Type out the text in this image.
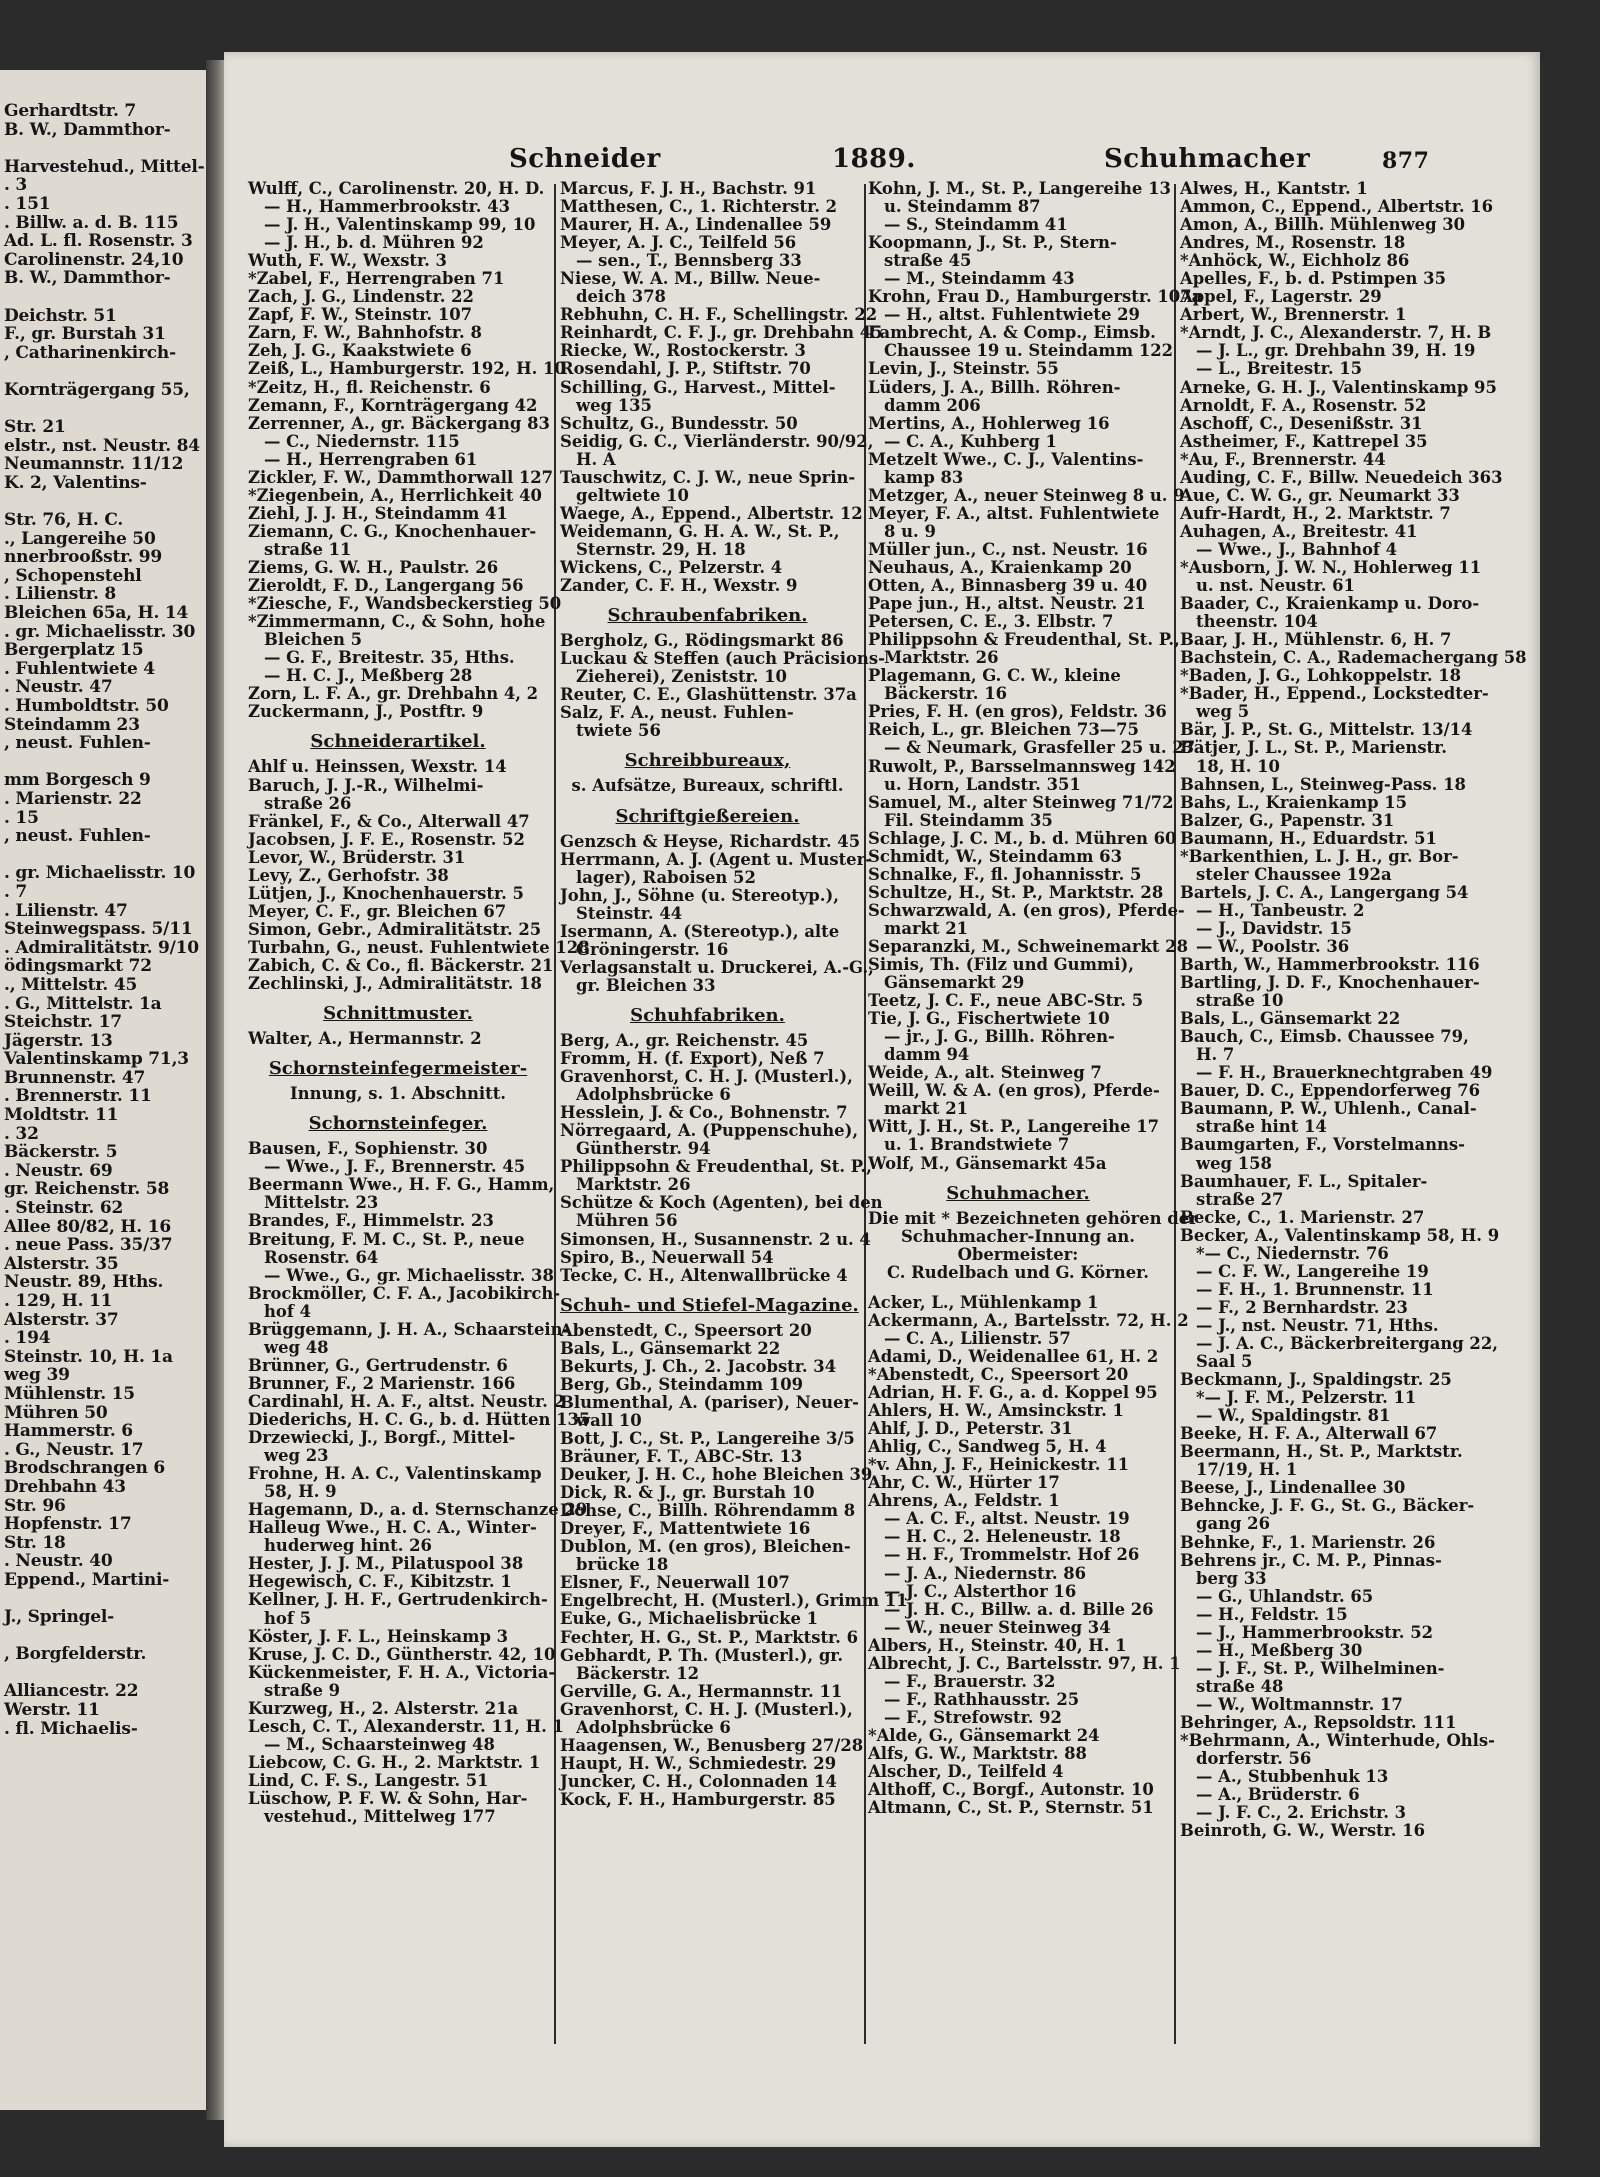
Gerhardtstr. 7
B. W., Dammthor-

Harvestehud., Mittel-
. 3
. 151
. Billw. a. d. B. 115
Ad. L. fl. Rosenstr. 3
Carolinenstr. 24,10
B. W., Dammthor-

Deichstr. 51
F., gr. Burstah 31
, Catharinenkirch-

Kornträgergang 55,

Str. 21
elstr., nst. Neustr. 84
Neumannstr. 11/12
K. 2, Valentins-

Str. 76, H. C.
., Langereihe 50
nnerbrooßstr. 99
, Schopenstehl
. Lilienstr. 8
Bleichen 65a, H. 14
. gr. Michaelisstr. 30
Bergerplatz 15
. Fuhlentwiete 4
. Neustr. 47
. Humboldtstr. 50
Steindamm 23
, neust. Fuhlen-

mm Borgesch 9
. Marienstr. 22
. 15
, neust. Fuhlen-

. gr. Michaelisstr. 10
. 7
. Lilienstr. 47
Steinwegspass. 5/11
. Admiralitätstr. 9/10
ödingsmarkt 72
., Mittelstr. 45
. G., Mittelstr. 1a
Steichstr. 17
Jägerstr. 13
Valentinskamp 71,3
Brunnenstr. 47
. Brennerstr. 11
Moldtstr. 11
. 32
Bäckerstr. 5
. Neustr. 69
gr. Reichenstr. 58
. Steinstr. 62
Allee 80/82, H. 16
. neue Pass. 35/37
Alsterstr. 35
Neustr. 89, Hths.
. 129, H. 11
Alsterstr. 37
. 194
Steinstr. 10, H. 1a
weg 39
Mühlenstr. 15
Mühren 50
Hammerstr. 6
. G., Neustr. 17
Brodschrangen 6
Drehbahn 43
Str. 96
Hopfenstr. 17
Str. 18
. Neustr. 40
Eppend., Martini-

J., Springel-

, Borgfelderstr.

Alliancestr. 22
Werstr. 11
. fl. Michaelis-
Schneider	1889.	Schuhmacher	877
Wulff, C., Carolinenstr. 20, H. D.
— H., Hammerbrookstr. 43
— J. H., Valentinskamp 99, 10
— J. H., b. d. Mühren 92
Wuth, F. W., Wexstr. 3
*Zabel, F., Herrengraben 71
Zach, J. G., Lindenstr. 22
Zapf, F. W., Steinstr. 107
Zarn, F. W., Bahnhofstr. 8
Zeh, J. G., Kaakstwiete 6
Zeiß, L., Hamburgerstr. 192, H. 10
*Zeitz, H., fl. Reichenstr. 6
Zemann, F., Kornträgergang 42
Zerrenner, A., gr. Bäckergang 83
— C., Niedernstr. 115
— H., Herrengraben 61
Zickler, F. W., Dammthorwall 127
*Ziegenbein, A., Herrlichkeit 40
Ziehl, J. J. H., Steindamm 41
Ziemann, C. G., Knochenhauer-
straße 11
Ziems, G. W. H., Paulstr. 26
Zieroldt, F. D., Langergang 56
*Ziesche, F., Wandsbeckerstieg 50
*Zimmermann, C., & Sohn, hohe
Bleichen 5
— G. F., Breitestr. 35, Hths.
— H. C. J., Meßberg 28
Zorn, L. F. A., gr. Drehbahn 4, 2
Zuckermann, J., Postftr. 9
Schneiderartikel.
Ahlf u. Heinssen, Wexstr. 14
Baruch, J. J.-R., Wilhelmi-
straße 26
Fränkel, F., & Co., Alterwall 47
Jacobsen, J. F. E., Rosenstr. 52
Levor, W., Brüderstr. 31
Levy, Z., Gerhofstr. 38
Lütjen, J., Knochenhauerstr. 5
Meyer, C. F., gr. Bleichen 67
Simon, Gebr., Admiralitätstr. 25
Turbahn, G., neust. Fuhlentwiete 128
Zabich, C. & Co., fl. Bäckerstr. 21
Zechlinski, J., Admiralitätstr. 18
Schnittmuster.
Walter, A., Hermannstr. 2
Schornsteinfegermeister-
Innung, s. 1. Abschnitt.
Schornsteinfeger.
Bausen, F., Sophienstr. 30
— Wwe., J. F., Brennerstr. 45
Beermann Wwe., H. F. G., Hamm,
Mittelstr. 23
Brandes, F., Himmelstr. 23
Breitung, F. M. C., St. P., neue
Rosenstr. 64
— Wwe., G., gr. Michaelisstr. 38
Brockmöller, C. F. A., Jacobikirch-
hof 4
Brüggemann, J. H. A., Schaarstein-
weg 48
Brünner, G., Gertrudenstr. 6
Brunner, F., 2 Marienstr. 166
Cardinahl, H. A. F., altst. Neustr. 2
Diederichs, H. C. G., b. d. Hütten 135
Drzewiecki, J., Borgf., Mittel-
weg 23
Frohne, H. A. C., Valentinskamp
58, H. 9
Hagemann, D., a. d. Sternschanze 29
Halleug Wwe., H. C. A., Winter-
huderweg hint. 26
Hester, J. J. M., Pilatuspool 38
Hegewisch, C. F., Kibitzstr. 1
Kellner, J. H. F., Gertrudenkirch-
hof 5
Köster, J. F. L., Heinskamp 3
Kruse, J. C. D., Güntherstr. 42, 10
Kückenmeister, F. H. A., Victoria-
straße 9
Kurzweg, H., 2. Alsterstr. 21a
Lesch, C. T., Alexanderstr. 11, H. 1
— M., Schaarsteinweg 48
Liebcow, C. G. H., 2. Marktstr. 1
Lind, C. F. S., Langestr. 51
Lüschow, P. F. W. & Sohn, Har-
vestehud., Mittelweg 177
Marcus, F. J. H., Bachstr. 91
Matthesen, C., 1. Richterstr. 2
Maurer, H. A., Lindenallee 59
Meyer, A. J. C., Teilfeld 56
— sen., T., Bennsberg 33
Niese, W. A. M., Billw. Neue-
deich 378
Rebhuhn, C. H. F., Schellingstr. 22
Reinhardt, C. F. J., gr. Drehbahn 45
Riecke, W., Rostockerstr. 3
Rosendahl, J. P., Stiftstr. 70
Schilling, G., Harvest., Mittel-
weg 135
Schultz, G., Bundesstr. 50
Seidig, G. C., Vierländerstr. 90/92,
H. A
Tauschwitz, C. J. W., neue Sprin-
geltwiete 10
Waege, A., Eppend., Albertstr. 12
Weidemann, G. H. A. W., St. P.,
Sternstr. 29, H. 18
Wickens, C., Pelzerstr. 4
Zander, C. F. H., Wexstr. 9
Schraubenfabriken.
Bergholz, G., Rödingsmarkt 86
Luckau & Steffen (auch Präcisions-
Zieherei), Zeniststr. 10
Reuter, C. E., Glashüttenstr. 37a
Salz, F. A., neust. Fuhlen-
twiete 56
Schreibbureaux,
s. Aufsätze, Bureaux, schriftl.
Schriftgießereien.
Genzsch & Heyse, Richardstr. 45
Herrmann, A. J. (Agent u. Muster-
lager), Raboisen 52
John, J., Söhne (u. Stereotyp.),
Steinstr. 44
Isermann, A. (Stereotyp.), alte
Gröningerstr. 16
Verlagsanstalt u. Druckerei, A.-G.,
gr. Bleichen 33
Schuhfabriken.
Berg, A., gr. Reichenstr. 45
Fromm, H. (f. Export), Neß 7
Gravenhorst, C. H. J. (Musterl.),
Adolphsbrücke 6
Hesslein, J. & Co., Bohnenstr. 7
Nörregaard, A. (Puppenschuhe),
Güntherstr. 94
Philippsohn & Freudenthal, St. P.,
Marktstr. 26
Schütze & Koch (Agenten), bei den
Mühren 56
Simonsen, H., Susannenstr. 2 u. 4
Spiro, B., Neuerwall 54
Tecke, C. H., Altenwallbrücke 4
Schuh- und Stiefel-Magazine.
Abenstedt, C., Speersort 20
Bals, L., Gänsemarkt 22
Bekurts, J. Ch., 2. Jacobstr. 34
Berg, Gb., Steindamm 109
Blumenthal, A. (pariser), Neuer-
wall 10
Bott, J. C., St. P., Langereihe 3/5
Bräuner, F. T., ABC-Str. 13
Deuker, J. H. C., hohe Bleichen 39
Dick, R. & J., gr. Burstah 10
Dohse, C., Billh. Röhrendamm 8
Dreyer, F., Mattentwiete 16
Dublon, M. (en gros), Bleichen-
brücke 18
Elsner, F., Neuerwall 107
Engelbrecht, H. (Musterl.), Grimm 11
Euke, G., Michaelisbrücke 1
Fechter, H. G., St. P., Marktstr. 6
Gebhardt, P. Th. (Musterl.), gr.
Bäckerstr. 12
Gerville, G. A., Hermannstr. 11
Gravenhorst, C. H. J. (Musterl.),
Adolphsbrücke 6
Haagensen, W., Benusberg 27/28
Haupt, H. W., Schmiedestr. 29
Juncker, C. H., Colonnaden 14
Kock, F. H., Hamburgerstr. 85
Kohn, J. M., St. P., Langereihe 13
u. Steindamm 87
— S., Steindamm 41
Koopmann, J., St. P., Stern-
straße 45
— M., Steindamm 43
Krohn, Frau D., Hamburgerstr. 107a
— H., altst. Fuhlentwiete 29
Lambrecht, A. & Comp., Eimsb.
Chaussee 19 u. Steindamm 122
Levin, J., Steinstr. 55
Lüders, J. A., Billh. Röhren-
damm 206
Mertins, A., Hohlerweg 16
— C. A., Kuhberg 1
Metzelt Wwe., C. J., Valentins-
kamp 83
Metzger, A., neuer Steinweg 8 u. 9
Meyer, F. A., altst. Fuhlentwiete
8 u. 9
Müller jun., C., nst. Neustr. 16
Neuhaus, A., Kraienkamp 20
Otten, A., Binnasberg 39 u. 40
Pape jun., H., altst. Neustr. 21
Petersen, C. E., 3. Elbstr. 7
Philippsohn & Freudenthal, St. P.,
Marktstr. 26
Plagemann, G. C. W., kleine
Bäckerstr. 16
Pries, F. H. (en gros), Feldstr. 36
Reich, L., gr. Bleichen 73—75
— & Neumark, Grasfeller 25 u. 27
Ruwolt, P., Barsselmannsweg 142
u. Horn, Landstr. 351
Samuel, M., alter Steinweg 71/72
Fil. Steindamm 35
Schlage, J. C. M., b. d. Mühren 60
Schmidt, W., Steindamm 63
Schnalke, F., fl. Johannisstr. 5
Schultze, H., St. P., Marktstr. 28
Schwarzwald, A. (en gros), Pferde-
markt 21
Separanzki, M., Schweinemarkt 28
Simis, Th. (Filz und Gummi),
Gänsemarkt 29
Teetz, J. C. F., neue ABC-Str. 5
Tie, J. G., Fischertwiete 10
— jr., J. G., Billh. Röhren-
damm 94
Weide, A., alt. Steinweg 7
Weill, W. & A. (en gros), Pferde-
markt 21
Witt, J. H., St. P., Langereihe 17
u. 1. Brandstwiete 7
Wolf, M., Gänsemarkt 45a
Schuhmacher.
Die mit * Bezeichneten gehören der
Schuhmacher-Innung an.
Obermeister:
C. Rudelbach und G. Körner.
Acker, L., Mühlenkamp 1
Ackermann, A., Bartelsstr. 72, H. 2
— C. A., Lilienstr. 57
Adami, D., Weidenallee 61, H. 2
*Abenstedt, C., Speersort 20
Adrian, H. F. G., a. d. Koppel 95
Ahlers, H. W., Amsinckstr. 1
Ahlf, J. D., Peterstr. 31
Ahlig, C., Sandweg 5, H. 4
*v. Ahn, J. F., Heinickestr. 11
Ahr, C. W., Hürter 17
Ahrens, A., Feldstr. 1
— A. C. F., altst. Neustr. 19
— H. C., 2. Heleneustr. 18
— H. F., Trommelstr. Hof 26
— J. A., Niedernstr. 86
— J. C., Alsterthor 16
— J. H. C., Billw. a. d. Bille 26
— W., neuer Steinweg 34
Albers, H., Steinstr. 40, H. 1
Albrecht, J. C., Bartelsstr. 97, H. 1
— F., Brauerstr. 32
— F., Rathhausstr. 25
— F., Strefowstr. 92
*Alde, G., Gänsemarkt 24
Alfs, G. W., Marktstr. 88
Alscher, D., Teilfeld 4
Althoff, C., Borgf., Autonstr. 10
Altmann, C., St. P., Sternstr. 51
Alwes, H., Kantstr. 1
Ammon, C., Eppend., Albertstr. 16
Amon, A., Billh. Mühlenweg 30
Andres, M., Rosenstr. 18
*Anhöck, W., Eichholz 86
Apelles, F., b. d. Pstimpen 35
Appel, F., Lagerstr. 29
Arbert, W., Brennerstr. 1
*Arndt, J. C., Alexanderstr. 7, H. B
— J. L., gr. Drehbahn 39, H. 19
— L., Breitestr. 15
Arneke, G. H. J., Valentinskamp 95
Arnoldt, F. A., Rosenstr. 52
Aschoff, C., Desenißstr. 31
Astheimer, F., Kattrepel 35
*Au, F., Brennerstr. 44
Auding, C. F., Billw. Neuedeich 363
Aue, C. W. G., gr. Neumarkt 33
Aufr-Hardt, H., 2. Marktstr. 7
Auhagen, A., Breitestr. 41
— Wwe., J., Bahnhof 4
*Ausborn, J. W. N., Hohlerweg 11
u. nst. Neustr. 61
Baader, C., Kraienkamp u. Doro-
theenstr. 104
Baar, J. H., Mühlenstr. 6, H. 7
Bachstein, C. A., Rademachergang 58
*Baden, J. G., Lohkoppelstr. 18
*Bader, H., Eppend., Lockstedter-
weg 5
Bär, J. P., St. G., Mittelstr. 13/14
Bätjer, J. L., St. P., Marienstr.
18, H. 10
Bahnsen, L., Steinweg-Pass. 18
Bahs, L., Kraienkamp 15
Balzer, G., Papenstr. 31
Baumann, H., Eduardstr. 51
*Barkenthien, L. J. H., gr. Bor-
steler Chaussee 192a
Bartels, J. C. A., Langergang 54
— H., Tanbeustr. 2
— J., Davidstr. 15
— W., Poolstr. 36
Barth, W., Hammerbrookstr. 116
Bartling, J. D. F., Knochenhauer-
straße 10
Bals, L., Gänsemarkt 22
Bauch, C., Eimsb. Chaussee 79,
H. 7
— F. H., Brauerknechtgraben 49
Bauer, D. C., Eppendorferweg 76
Baumann, P. W., Uhlenh., Canal-
straße hint 14
Baumgarten, F., Vorstelmanns-
weg 158
Baumhauer, F. L., Spitaler-
straße 27
Becke, C., 1. Marienstr. 27
Becker, A., Valentinskamp 58, H. 9
*— C., Niedernstr. 76
— C. F. W., Langereihe 19
— F. H., 1. Brunnenstr. 11
— F., 2 Bernhardstr. 23
— J., nst. Neustr. 71, Hths.
— J. A. C., Bäckerbreitergang 22,
Saal 5
Beckmann, J., Spaldingstr. 25
*— J. F. M., Pelzerstr. 11
— W., Spaldingstr. 81
Beeke, H. F. A., Alterwall 67
Beermann, H., St. P., Marktstr.
17/19, H. 1
Beese, J., Lindenallee 30
Behncke, J. F. G., St. G., Bäcker-
gang 26
Behnke, F., 1. Marienstr. 26
Behrens jr., C. M. P., Pinnas-
berg 33
— G., Uhlandstr. 65
— H., Feldstr. 15
— J., Hammerbrookstr. 52
— H., Meßberg 30
— J. F., St. P., Wilhelminen-
straße 48
— W., Woltmannstr. 17
Behringer, A., Repsoldstr. 111
*Behrmann, A., Winterhude, Ohls-
dorferstr. 56
— A., Stubbenhuk 13
— A., Brüderstr. 6
— J. F. C., 2. Erichstr. 3
Beinroth, G. W., Werstr. 16
